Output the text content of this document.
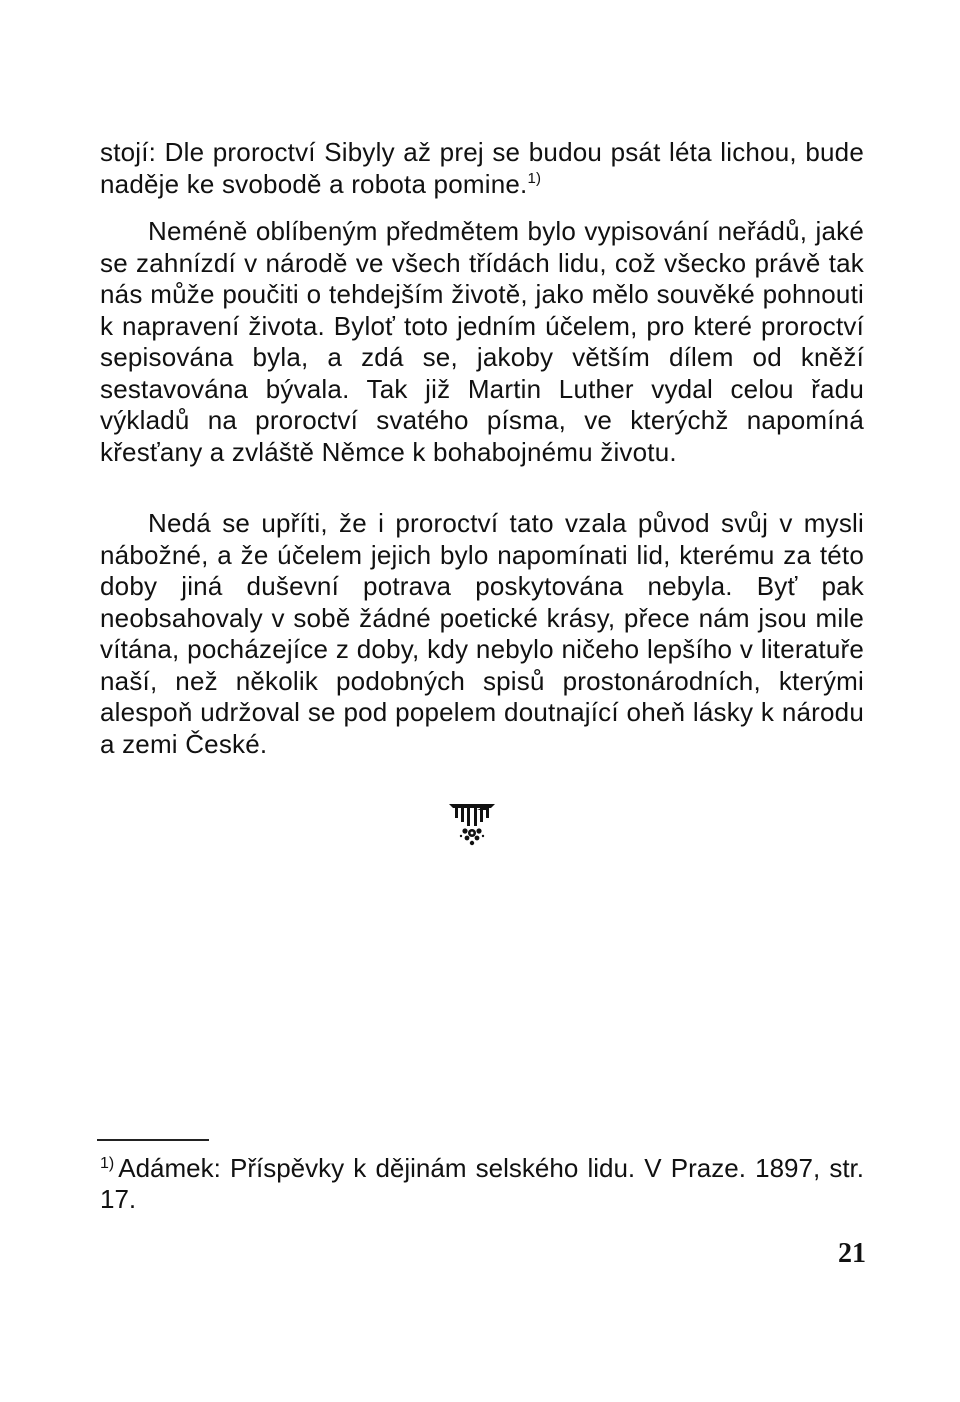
stojí: Dle proroctví Sibyly až prej se budou psát léta lichou, bude naděje ke svobodě a robota pomine.$^{1)}$

Neméně oblíbeným předmětem bylo vypisování neřádů, jaké se zahnízdí v národě ve všech třídách lidu, což všecko právě tak nás může poučiti o tehdejším životě, jako mělo souvěké pohnouti k napravení života. Byloť toto jedním účelem, pro které proroctví sepisována byla, a zdá se, jakoby větším dílem od kněží sestavována bývala. Tak již Martin Luther vydal celou řadu výkladů na proroctví svatého písma, ve kterýchž napomíná křesťany a zvláště Němce k bohabojnému životu.

Nedá se upříti, že i proroctví tato vzala původ svůj v mysli nábožné, a že účelem jejich bylo napomínati lid, kterému za této doby jiná duševní potrava poskytována nebyla. Byť pak neobsahovaly v sobě žádné poetické krásy, přece nám jsou mile vítána, pocházejíce z doby, kdy nebylo ničeho lepšího v literatuře naší, než několik podobných spisů prostonárodních, kterými alespoň udržoval se pod popelem doutnající oheň lásky k národu a zemi České.

$^{1)}$ Adámek: Příspěvky k dějinám selského lidu. V Praze. 1897, str. 17.
21
